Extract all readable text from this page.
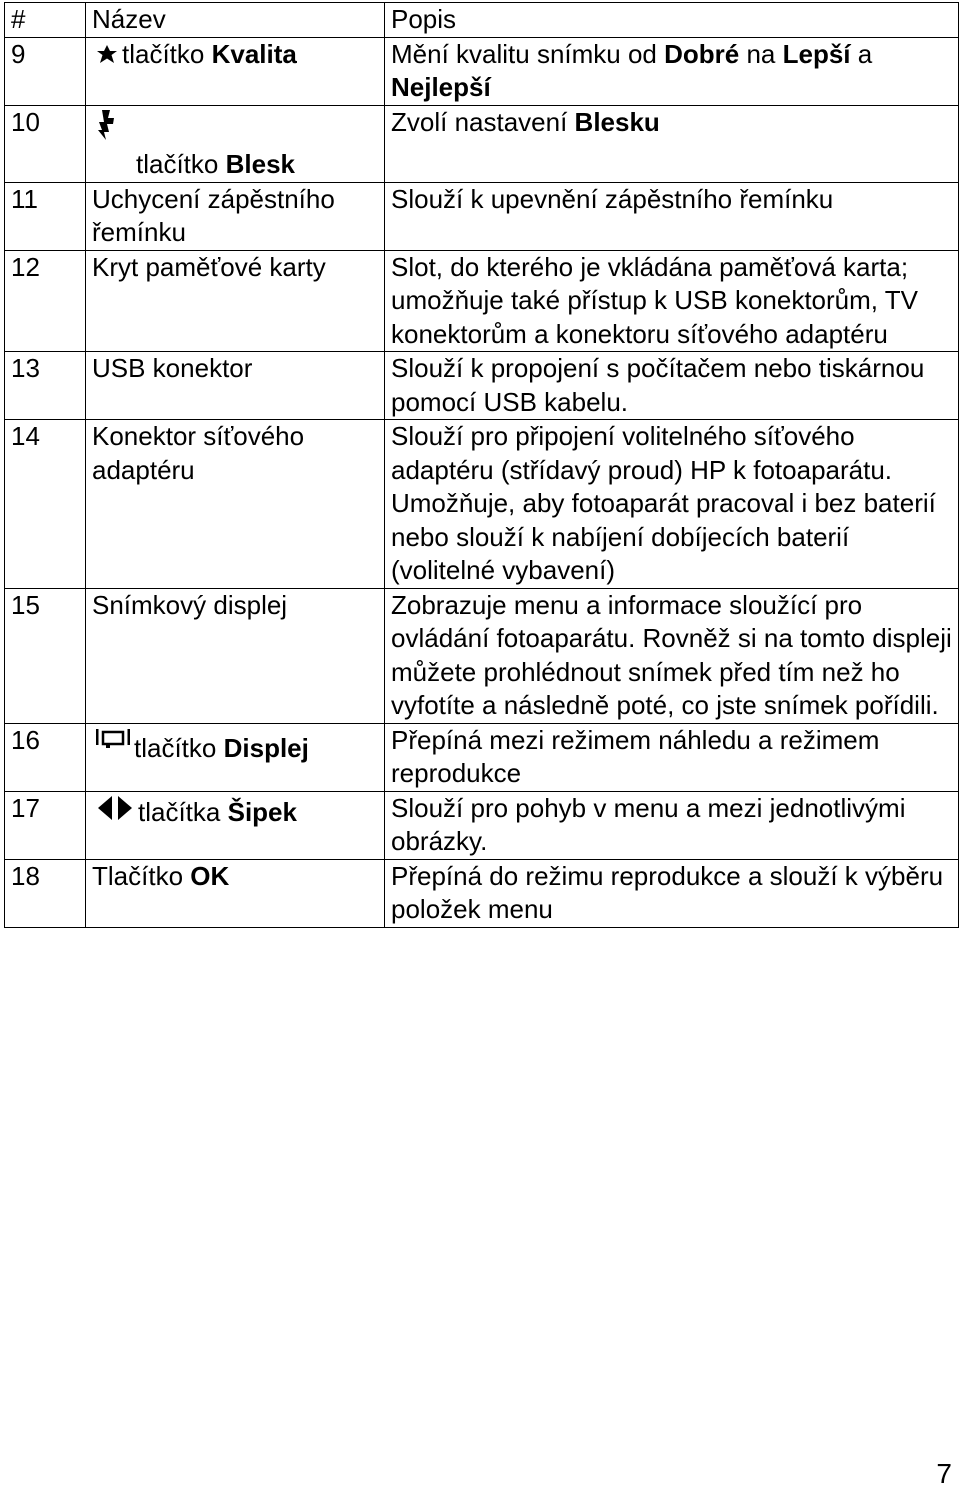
#	Název	Popis
9	tlačítko Kvalita	Mění kvalitu snímku od Dobré na Lepší a
Nejlepší
10	tlačítko Blesk	Zvolí nastavení Blesku
11	Uchycení zápěstního řemínku	Slouží k upevnění zápěstního řemínku
12	Kryt paměťové karty	Slot, do kterého je vkládána paměťová karta; umožňuje také přístup k USB konektorům, TV konektorům a konektoru síťového adaptéru
13	USB konektor	Slouží k propojení s počítačem nebo tiskárnou pomocí USB kabelu.
14	Konektor síťového adaptéru	Slouží pro připojení volitelného síťového adaptéru (střídavý proud) HP k fotoaparátu. Umožňuje, aby fotoaparát pracoval i bez baterií nebo slouží k nabíjení dobíjecích baterií (volitelné vybavení)
15	Snímkový displej	Zobrazuje menu a informace sloužící pro ovládání fotoaparátu. Rovněž si na tomto displeji můžete prohlédnout snímek před tím než ho vyfotíte a následně poté, co jste snímek pořídili.
16	tlačítko Displej	Přepíná mezi režimem náhledu a režimem reprodukce
17	tlačítka Šipek	Slouží pro pohyb v menu a mezi jednotlivými obrázky.
18	Tlačítko OK	Přepíná do režimu reprodukce a slouží k výběru položek menu
7
